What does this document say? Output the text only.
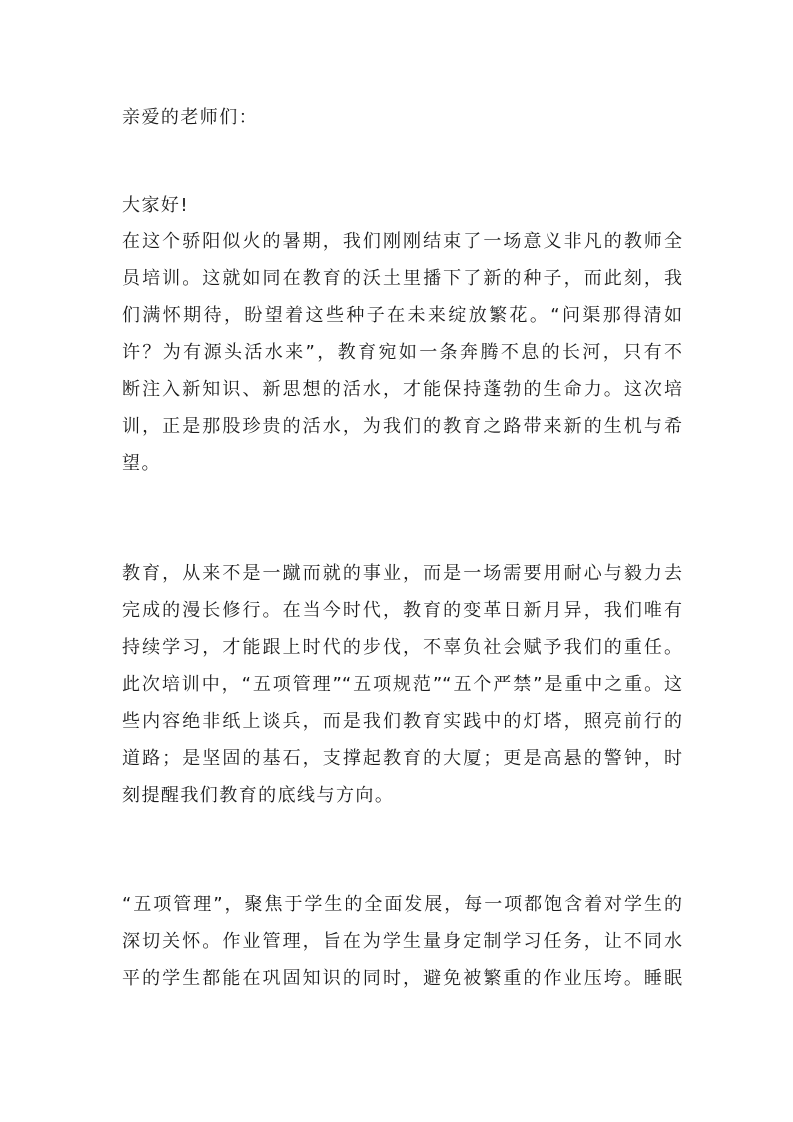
亲爱的老师们：
大家好!
在这个骄阳似火的暑期，我们刚刚结束了一场意义非凡的教师全
员培训。这就如同在教育的沃土里播下了新的种子，而此刻，我
们满怀期待，盼望着这些种子在未来绽放繁花。“问渠那得清如
许？为有源头活水来”，教育宛如一条奔腾不息的长河，只有不
断注入新知识、新思想的活水，才能保持蓬勃的生命力。这次培
训，正是那股珍贵的活水，为我们的教育之路带来新的生机与希
望。
教育，从来不是一蹴而就的事业，而是一场需要用耐心与毅力去
完成的漫长修行。在当今时代，教育的变革日新月异，我们唯有
持续学习，才能跟上时代的步伐，不辜负社会赋予我们的重任。
此次培训中，“五项管理”“五项规范”“五个严禁”是重中之重。这
些内容绝非纸上谈兵，而是我们教育实践中的灯塔，照亮前行的
道路；是坚固的基石，支撑起教育的大厦；更是高悬的警钟，时
刻提醒我们教育的底线与方向。
“五项管理”，聚焦于学生的全面发展，每一项都饱含着对学生的
深切关怀。作业管理，旨在为学生量身定制学习任务，让不同水
平的学生都能在巩固知识的同时，避免被繁重的作业压垮。睡眠
